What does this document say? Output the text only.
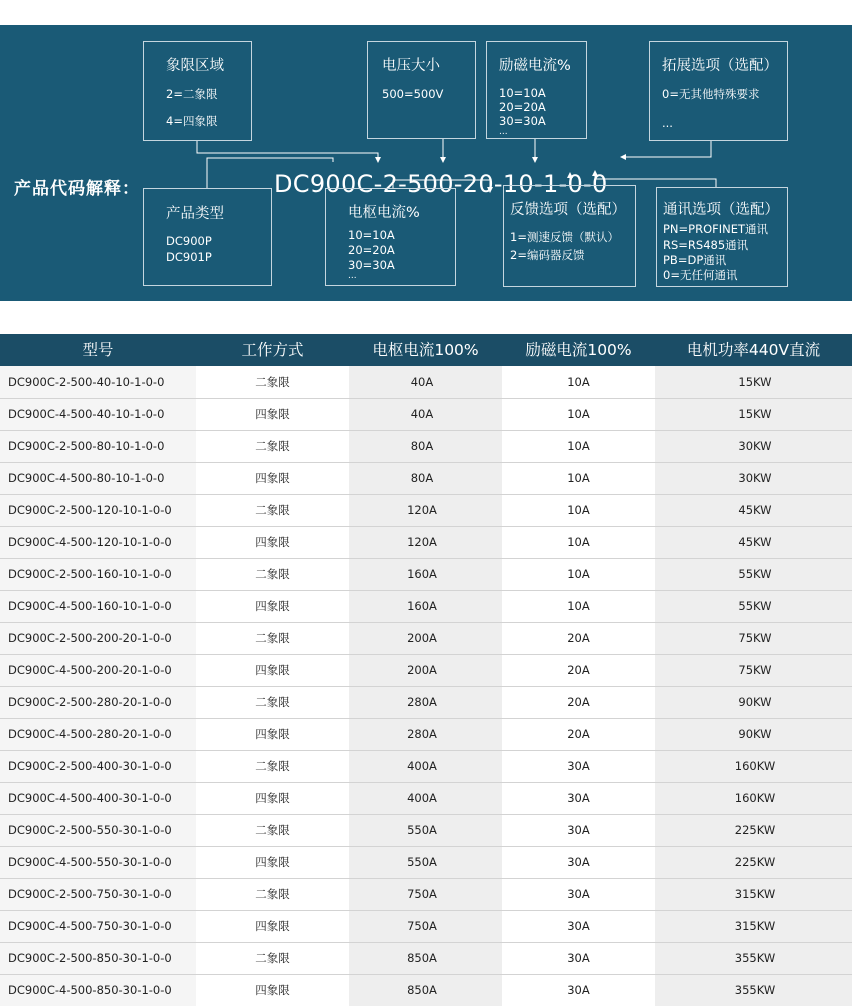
象限区域
2=二象限
4=四象限
电压大小
500=500V
励磁电流%
10=10A
20=20A
30=30A
...
拓展选项（选配）
0=无其他特殊要求
...
产品代码解释：	DC900C-2-500-20-10-1-0-0
产品类型
DC900P
DC901P
电枢电流%
10=10A
20=20A
30=30A
...
反馈选项（选配）
1=测速反馈（默认）
2=编码器反馈
通讯选项（选配）
PN=PROFINET通讯
RS=RS485通讯
PB=DP通讯
0=无任何通讯
型号	工作方式	电枢电流100%	励磁电流100%	电机功率440V直流
DC900C-2-500-40-10-1-0-0	二象限	40A	10A	15KW
DC900C-4-500-40-10-1-0-0	四象限	40A	10A	15KW
DC900C-2-500-80-10-1-0-0	二象限	80A	10A	30KW
DC900C-4-500-80-10-1-0-0	四象限	80A	10A	30KW
DC900C-2-500-120-10-1-0-0	二象限	120A	10A	45KW
DC900C-4-500-120-10-1-0-0	四象限	120A	10A	45KW
DC900C-2-500-160-10-1-0-0	二象限	160A	10A	55KW
DC900C-4-500-160-10-1-0-0	四象限	160A	10A	55KW
DC900C-2-500-200-20-1-0-0	二象限	200A	20A	75KW
DC900C-4-500-200-20-1-0-0	四象限	200A	20A	75KW
DC900C-2-500-280-20-1-0-0	二象限	280A	20A	90KW
DC900C-4-500-280-20-1-0-0	四象限	280A	20A	90KW
DC900C-2-500-400-30-1-0-0	二象限	400A	30A	160KW
DC900C-4-500-400-30-1-0-0	四象限	400A	30A	160KW
DC900C-2-500-550-30-1-0-0	二象限	550A	30A	225KW
DC900C-4-500-550-30-1-0-0	四象限	550A	30A	225KW
DC900C-2-500-750-30-1-0-0	二象限	750A	30A	315KW
DC900C-4-500-750-30-1-0-0	四象限	750A	30A	315KW
DC900C-2-500-850-30-1-0-0	二象限	850A	30A	355KW
DC900C-4-500-850-30-1-0-0	四象限	850A	30A	355KW
